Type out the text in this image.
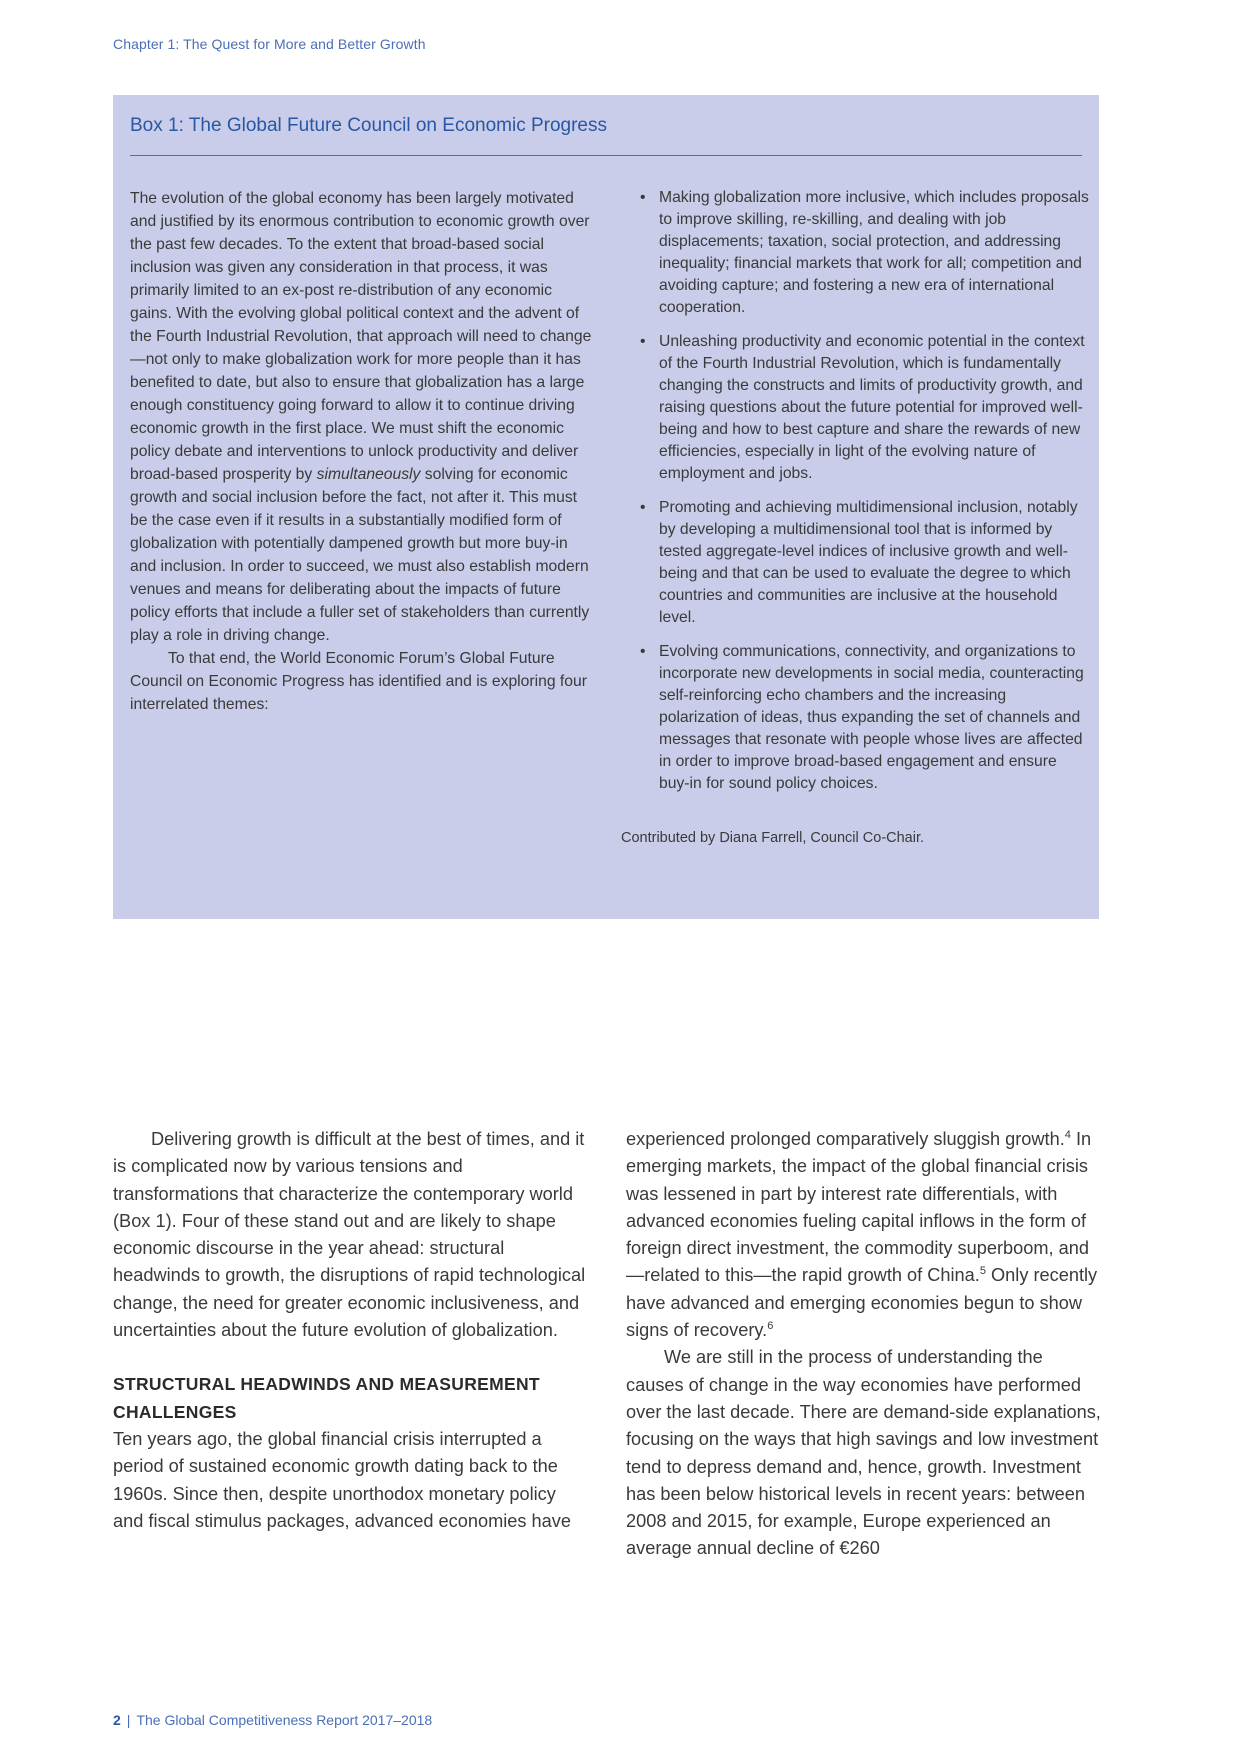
Chapter 1: The Quest for More and Better Growth
Box 1: The Global Future Council on Economic Progress

The evolution of the global economy has been largely motivated and justified by its enormous contribution to economic growth over the past few decades. To the extent that broad-based social inclusion was given any consideration in that process, it was primarily limited to an ex-post re-distribution of any economic gains. With the evolving global political context and the advent of the Fourth Industrial Revolution, that approach will need to change—not only to make globalization work for more people than it has benefited to date, but also to ensure that globalization has a large enough constituency going forward to allow it to continue driving economic growth in the first place. We must shift the economic policy debate and interventions to unlock productivity and deliver broad-based prosperity by simultaneously solving for economic growth and social inclusion before the fact, not after it. This must be the case even if it results in a substantially modified form of globalization with potentially dampened growth but more buy-in and inclusion. In order to succeed, we must also establish modern venues and means for deliberating about the impacts of future policy efforts that include a fuller set of stakeholders than currently play a role in driving change.

To that end, the World Economic Forum’s Global Future Council on Economic Progress has identified and is exploring four interrelated themes:

• Making globalization more inclusive, which includes proposals to improve skilling, re-skilling, and dealing with job displacements; taxation, social protection, and addressing inequality; financial markets that work for all; competition and avoiding capture; and fostering a new era of international cooperation.
• Unleashing productivity and economic potential in the context of the Fourth Industrial Revolution, which is fundamentally changing the constructs and limits of productivity growth, and raising questions about the future potential for improved well-being and how to best capture and share the rewards of new efficiencies, especially in light of the evolving nature of employment and jobs.
• Promoting and achieving multidimensional inclusion, notably by developing a multidimensional tool that is informed by tested aggregate-level indices of inclusive growth and well-being and that can be used to evaluate the degree to which countries and communities are inclusive at the household level.
• Evolving communications, connectivity, and organizations to incorporate new developments in social media, counteracting self-reinforcing echo chambers and the increasing polarization of ideas, thus expanding the set of channels and messages that resonate with people whose lives are affected in order to improve broad-based engagement and ensure buy-in for sound policy choices.
Contributed by Diana Farrell, Council Co-Chair.

Delivering growth is difficult at the best of times, and it is complicated now by various tensions and transformations that characterize the contemporary world (Box 1). Four of these stand out and are likely to shape economic discourse in the year ahead: structural headwinds to growth, the disruptions of rapid technological change, the need for greater economic inclusiveness, and uncertainties about the future evolution of globalization.

STRUCTURAL HEADWINDS AND MEASUREMENT CHALLENGES

Ten years ago, the global financial crisis interrupted a period of sustained economic growth dating back to the 1960s. Since then, despite unorthodox monetary policy and fiscal stimulus packages, advanced economies have

experienced prolonged comparatively sluggish growth.$^4$ In emerging markets, the impact of the global financial crisis was lessened in part by interest rate differentials, with advanced economies fueling capital inflows in the form of foreign direct investment, the commodity superboom, and—related to this—the rapid growth of China.$^5$ Only recently have advanced and emerging economies begun to show signs of recovery.$^6$

We are still in the process of understanding the causes of change in the way economies have performed over the last decade. There are demand-side explanations, focusing on the ways that high savings and low investment tend to depress demand and, hence, growth. Investment has been below historical levels in recent years: between 2008 and 2015, for example, Europe experienced an average annual decline of €260

2 | The Global Competitiveness Report 2017–2018
